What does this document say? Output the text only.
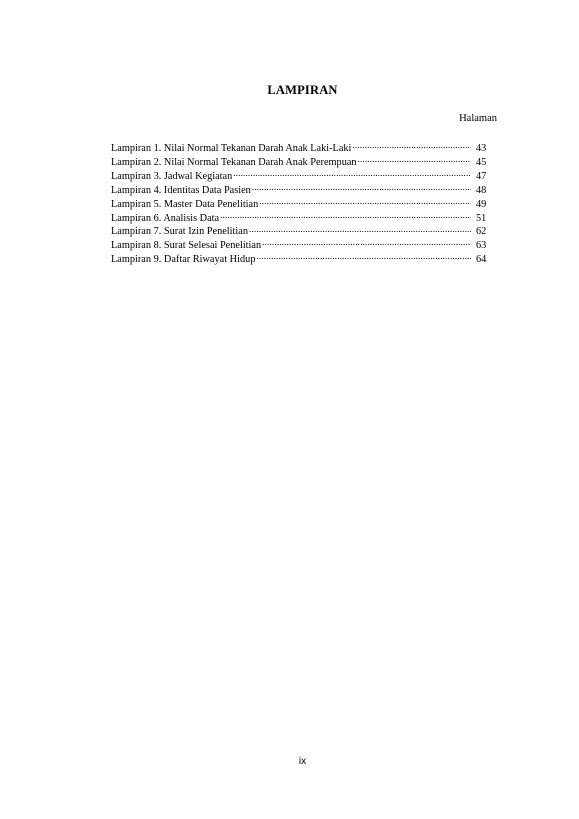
LAMPIRAN
Halaman
Lampiran 1. Nilai Normal Tekanan Darah Anak Laki-Laki .....	43
Lampiran 2. Nilai Normal Tekanan Darah Anak Perempuan .....	45
Lampiran 3. Jadwal Kegiatan .....	47
Lampiran 4. Identitas Data Pasien .....	48
Lampiran 5. Master Data Penelitian .....	49
Lampiran 6. Analisis Data .....	51
Lampiran 7. Surat Izin Penelitian .....	62
Lampiran 8. Surat Selesai Penelitian .....	63
Lampiran 9. Daftar Riwayat Hidup .....	64
ix
